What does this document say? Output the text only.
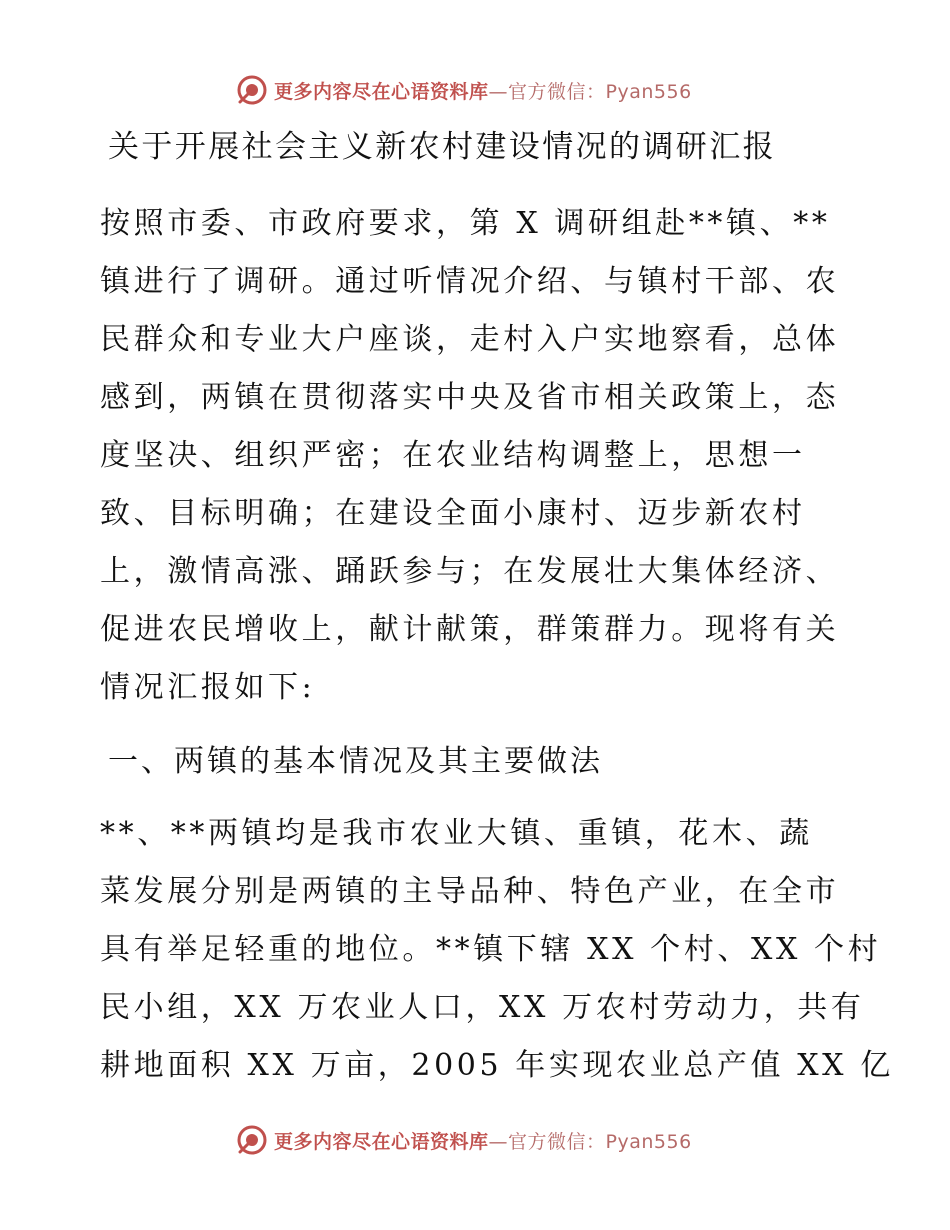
更多内容尽在心语资料库—官方微信：Pyan556
关于开展社会主义新农村建设情况的调研汇报
按照市委、市政府要求，第 X 调研组赴**镇、**
镇进行了调研。通过听情况介绍、与镇村干部、农
民群众和专业大户座谈，走村入户实地察看，总体
感到，两镇在贯彻落实中央及省市相关政策上，态
度坚决、组织严密；在农业结构调整上，思想一
致、目标明确；在建设全面小康村、迈步新农村
上，激情高涨、踊跃参与；在发展壮大集体经济、
促进农民增收上，献计献策，群策群力。现将有关
情况汇报如下:
一、两镇的基本情况及其主要做法
**、**两镇均是我市农业大镇、重镇，花木、蔬
菜发展分别是两镇的主导品种、特色产业，在全市
具有举足轻重的地位。**镇下辖 XX 个村、XX 个村
民小组，XX 万农业人口，XX 万农村劳动力，共有
耕地面积 XX 万亩，2005 年实现农业总产值 XX 亿
更多内容尽在心语资料库—官方微信：Pyan556
